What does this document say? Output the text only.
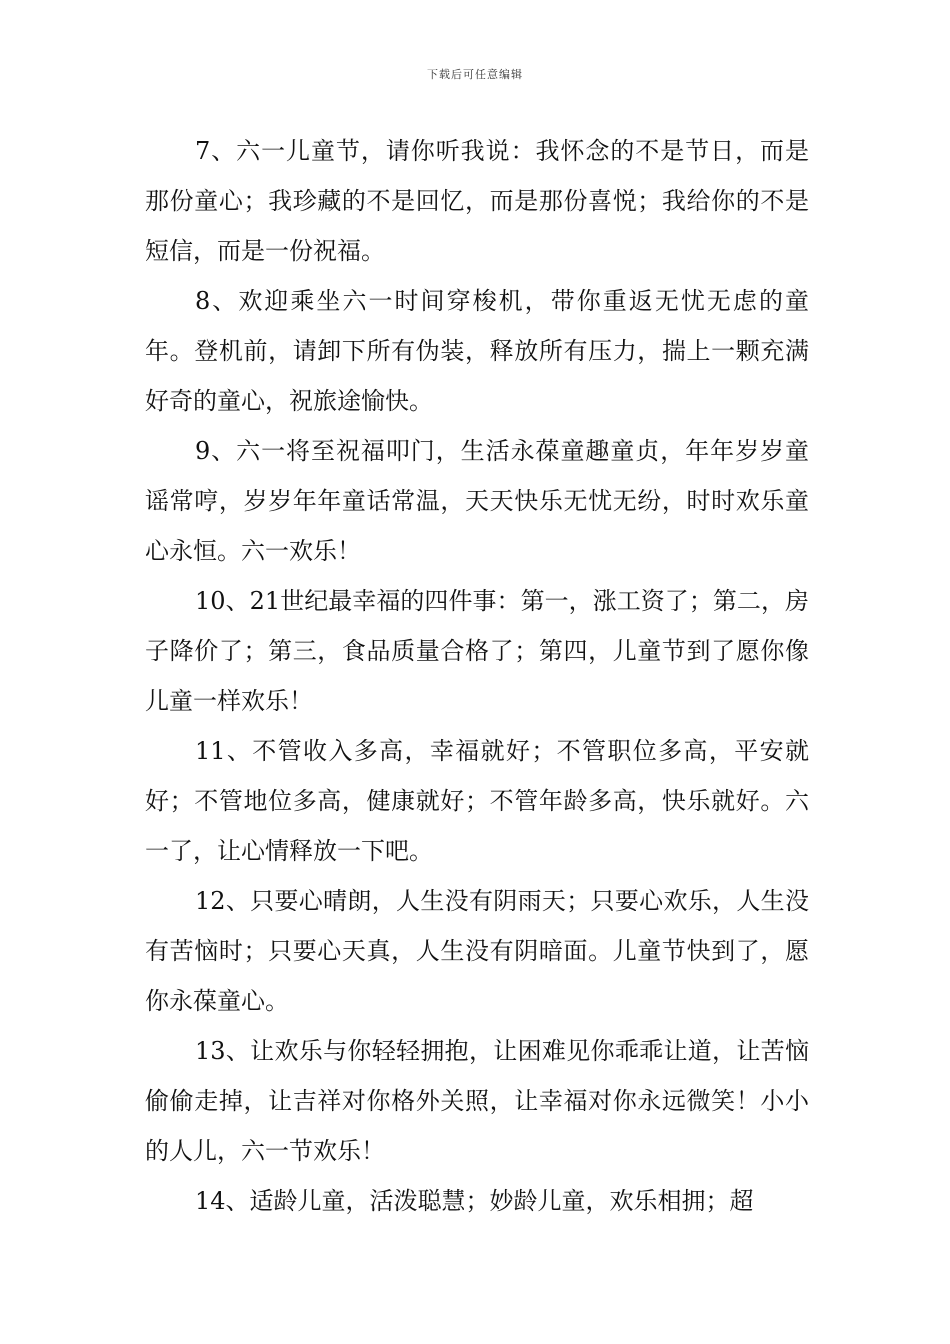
下载后可任意编辑

7、六一儿童节，请你听我说：我怀念的不是节日，而是那份童心；我珍藏的不是回忆，而是那份喜悦；我给你的不是短信，而是一份祝福。

8、欢迎乘坐六一时间穿梭机，带你重返无忧无虑的童年。登机前，请卸下所有伪装，释放所有压力，揣上一颗充满好奇的童心，祝旅途愉快。

9、六一将至祝福叩门，生活永葆童趣童贞，年年岁岁童谣常哼，岁岁年年童话常温，天天快乐无忧无纷，时时欢乐童心永恒。六一欢乐！

10、21世纪最幸福的四件事：第一，涨工资了；第二，房子降价了；第三，食品质量合格了；第四，儿童节到了愿你像儿童一样欢乐！

11、不管收入多高，幸福就好；不管职位多高，平安就好；不管地位多高，健康就好；不管年龄多高，快乐就好。六一了，让心情释放一下吧。

12、只要心晴朗，人生没有阴雨天；只要心欢乐，人生没有苦恼时；只要心天真，人生没有阴暗面。儿童节快到了，愿你永葆童心。

13、让欢乐与你轻轻拥抱，让困难见你乖乖让道，让苦恼偷偷走掉，让吉祥对你格外关照，让幸福对你永远微笑！小小的人儿，六一节欢乐！

14、适龄儿童，活泼聪慧；妙龄儿童，欢乐相拥；超
